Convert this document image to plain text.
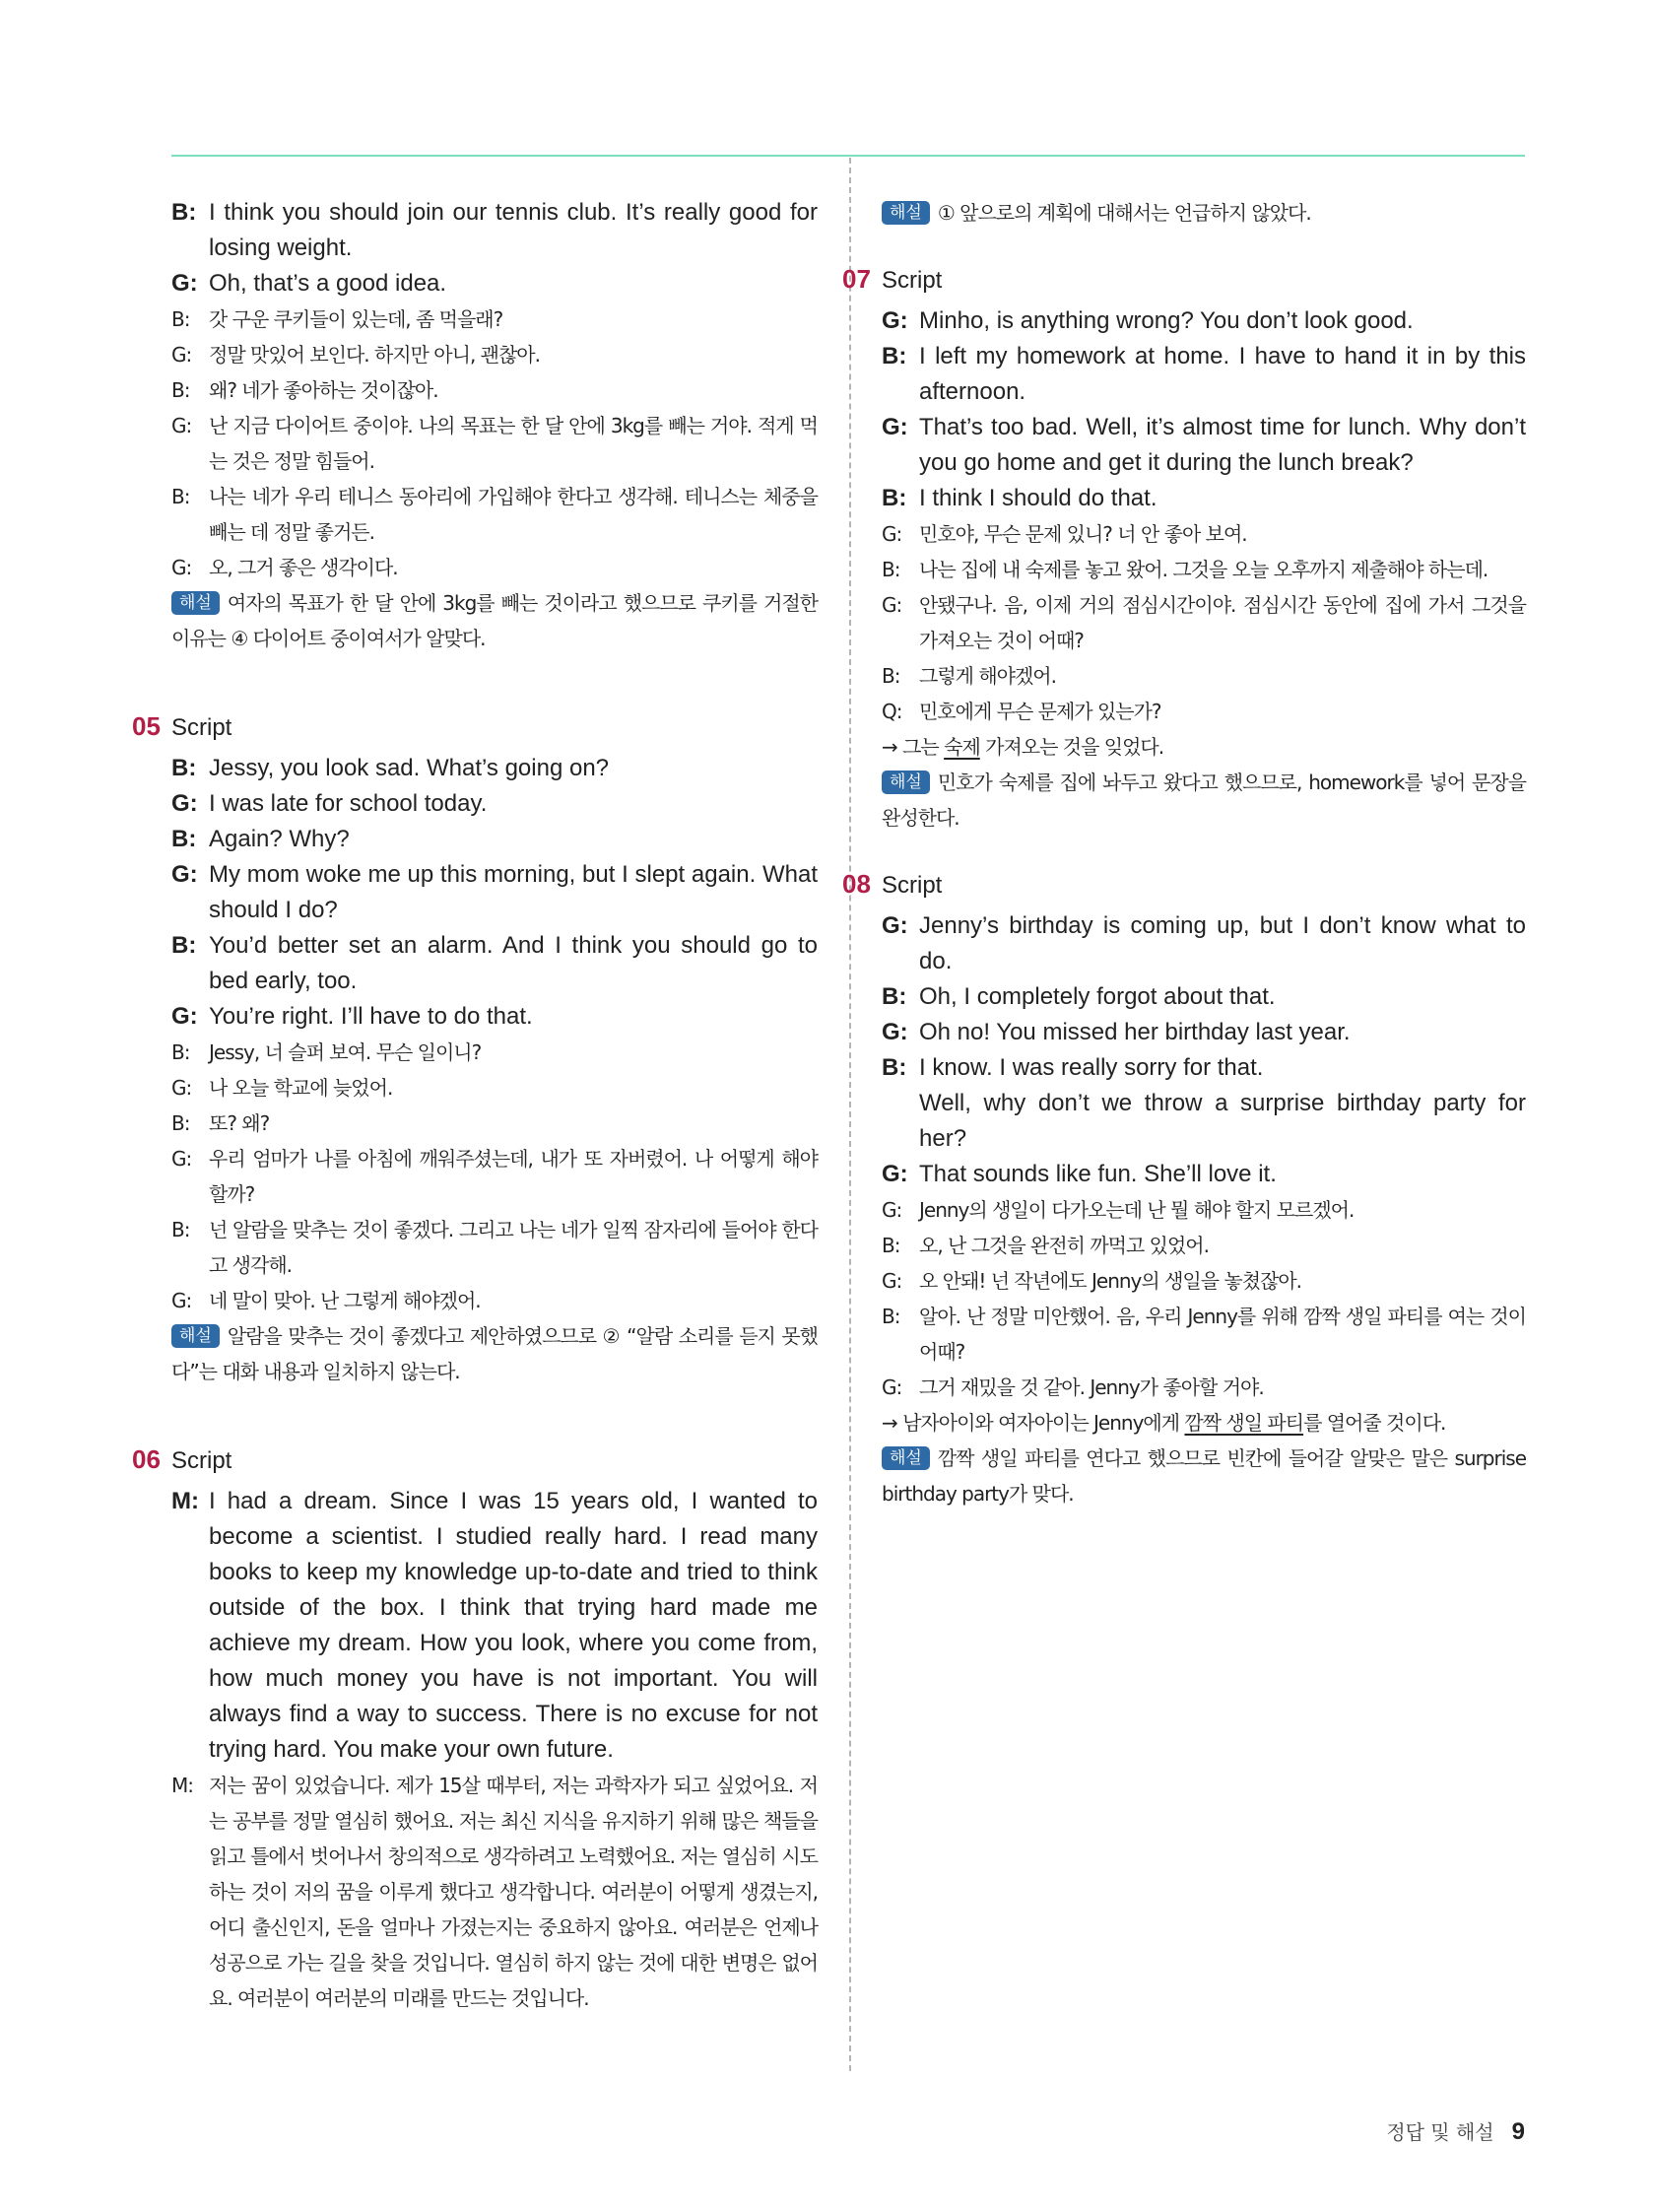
B: I think you should join our tennis club. It’s really good for losing weight.
G: Oh, that’s a good idea.
B: 갓 구운 쿠키들이 있는데, 좀 먹을래?
G: 정말 맛있어 보인다. 하지만 아니, 괜찮아.
B: 왜? 네가 좋아하는 것이잖아.
G: 난 지금 다이어트 중이야. 나의 목표는 한 달 안에 3kg를 빼는 거야. 적게 먹는 것은 정말 힘들어.
B: 나는 네가 우리 테니스 동아리에 가입해야 한다고 생각해. 테니스는 체중을 빼는 데 정말 좋거든.
G: 오, 그거 좋은 생각이다.
해설 여자의 목표가 한 달 안에 3kg를 빼는 것이라고 했으므로 쿠키를 거절한 이유는 ④ 다이어트 중이여서가 알맞다.
05 Script
B: Jessy, you look sad. What’s going on?
G: I was late for school today.
B: Again? Why?
G: My mom woke me up this morning, but I slept again. What should I do?
B: You’d better set an alarm. And I think you should go to bed early, too.
G: You’re right. I’ll have to do that.
B: Jessy, 너 슬퍼 보여. 무슨 일이니?
G: 나 오늘 학교에 늦었어.
B: 또? 왜?
G: 우리 엄마가 나를 아침에 깨워주셨는데, 내가 또 자버렸어. 나 어떻게 해야 할까?
B: 넌 알람을 맞추는 것이 좋겠다. 그리고 나는 네가 일찍 잠자리에 들어야 한다고 생각해.
G: 네 말이 맞아. 난 그렇게 해야겠어.
해설 알람을 맞추는 것이 좋겠다고 제안하였으므로 ② “알람 소리를 듣지 못했다”는 대화 내용과 일치하지 않는다.
06 Script
M: I had a dream. Since I was 15 years old, I wanted to become a scientist. I studied really hard. I read many books to keep my knowledge up-to-date and tried to think outside of the box. I think that trying hard made me achieve my dream. How you look, where you come from, how much money you have is not important. You will always find a way to success. There is no excuse for not trying hard. You make your own future.
M: 저는 꿈이 있었습니다. 제가 15살 때부터, 저는 과학자가 되고 싶었어요. 저는 공부를 정말 열심히 했어요. 저는 최신 지식을 유지하기 위해 많은 책들을 읽고 틀에서 벗어나서 창의적으로 생각하려고 노력했어요. 저는 열심히 시도하는 것이 저의 꿈을 이루게 했다고 생각합니다. 여러분이 어떻게 생겼는지, 어디 출신인지, 돈을 얼마나 가졌는지는 중요하지 않아요. 여러분은 언제나 성공으로 가는 길을 찾을 것입니다. 열심히 하지 않는 것에 대한 변명은 없어요. 여러분이 여러분의 미래를 만드는 것입니다.
해설 ① 앞으로의 계획에 대해서는 언급하지 않았다.
07 Script
G: Minho, is anything wrong? You don’t look good.
B: I left my homework at home. I have to hand it in by this afternoon.
G: That’s too bad. Well, it’s almost time for lunch. Why don’t you go home and get it during the lunch break?
B: I think I should do that.
G: 민호야, 무슨 문제 있니? 너 안 좋아 보여.
B: 나는 집에 내 숙제를 놓고 왔어. 그것을 오늘 오후까지 제출해야 하는데.
G: 안됐구나. 음, 이제 거의 점심시간이야. 점심시간 동안에 집에 가서 그것을 가져오는 것이 어때?
B: 그렇게 해야겠어.
Q: 민호에게 무슨 문제가 있는가?
→ 그는 숙제 가져오는 것을 잊었다.
해설 민호가 숙제를 집에 놔두고 왔다고 했으므로, homework를 넣어 문장을 완성한다.
08 Script
G: Jenny’s birthday is coming up, but I don’t know what to do.
B: Oh, I completely forgot about that.
G: Oh no! You missed her birthday last year.
B: I know. I was really sorry for that.
Well, why don’t we throw a surprise birthday party for her?
G: That sounds like fun. She’ll love it.
G: Jenny의 생일이 다가오는데 난 뭘 해야 할지 모르겠어.
B: 오, 난 그것을 완전히 까먹고 있었어.
G: 오 안돼! 넌 작년에도 Jenny의 생일을 놓쳤잖아.
B: 알아. 난 정말 미안했어. 음, 우리 Jenny를 위해 깜짝 생일 파티를 여는 것이 어때?
G: 그거 재밌을 것 같아. Jenny가 좋아할 거야.
→ 남자아이와 여자아이는 Jenny에게 깜짝 생일 파티를 열어줄 것이다.
해설 깜짝 생일 파티를 연다고 했으므로 빈칸에 들어갈 알맞은 말은 surprise birthday party가 맞다.
정답 및 해설 9
